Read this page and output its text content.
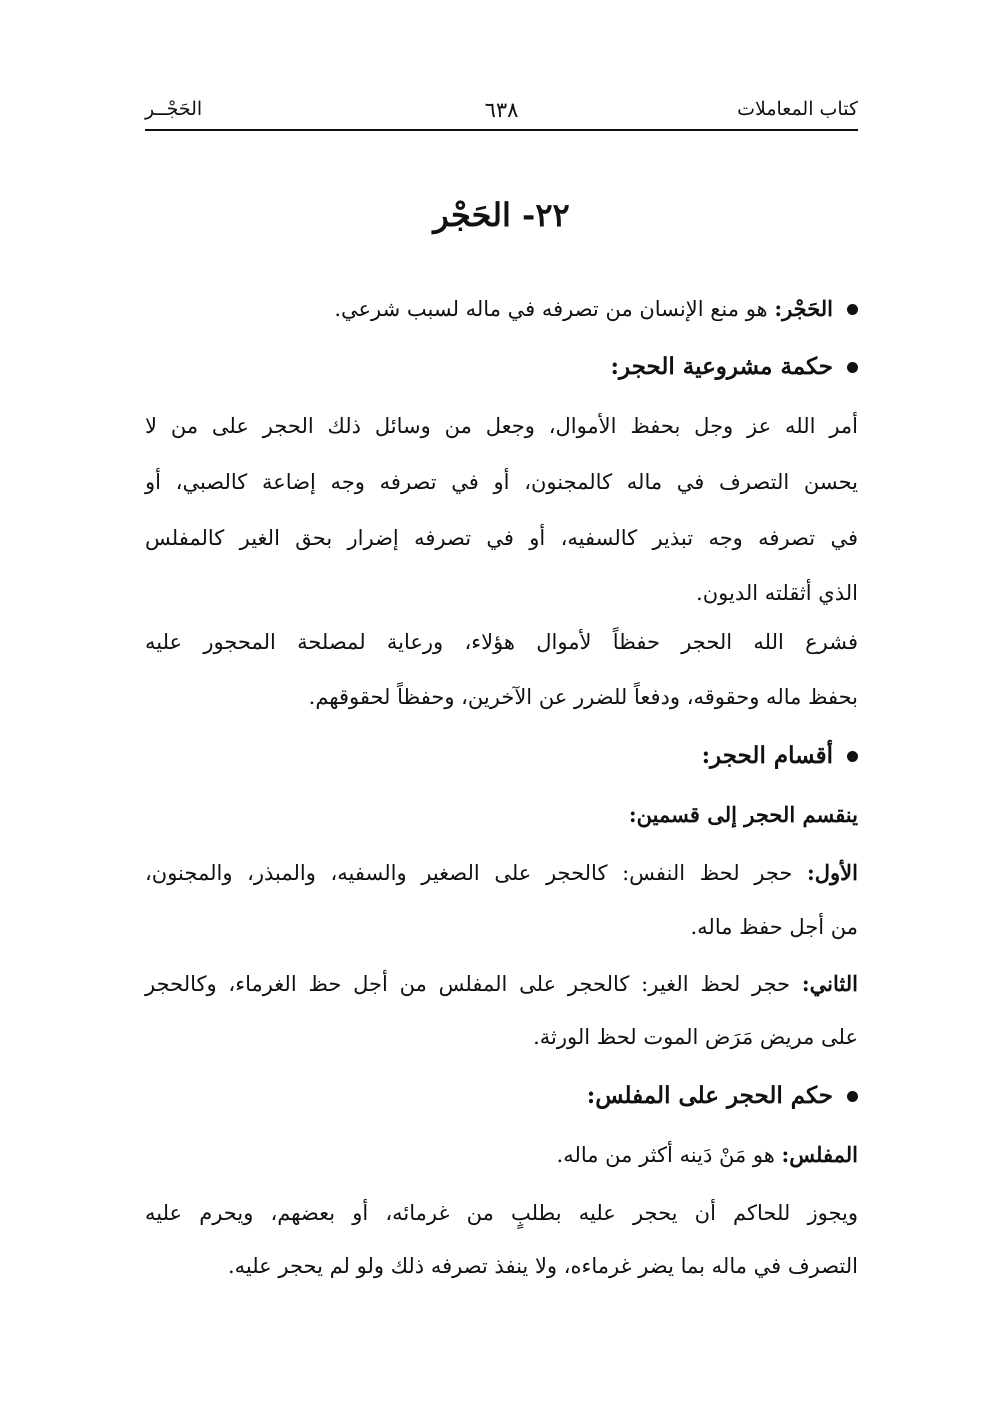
كتاب المعاملات
٦٣٨
الحَجْــر
٢٢- الحَجْر
الحَجْر: هو منع الإنسان من تصرفه في ماله لسبب شرعي.
حكمة مشروعية الحجر:
أمر الله عز وجل بحفظ الأموال، وجعل من وسائل ذلك الحجر على من لا
يحسن التصرف في ماله كالمجنون، أو في تصرفه وجه إضاعة كالصبي، أو
في تصرفه وجه تبذير كالسفيه، أو في تصرفه إضرار بحق الغير كالمفلس
الذي أثقلته الديون.
فشرع الله الحجر حفظاً لأموال هؤلاء، ورعاية لمصلحة المحجور عليه
بحفظ ماله وحقوقه، ودفعاً للضرر عن الآخرين، وحفظاً لحقوقهم.
أقسام الحجر:
ينقسم الحجر إلى قسمين:
الأول: حجر لحظ النفس: كالحجر على الصغير والسفيه، والمبذر، والمجنون،
من أجل حفظ ماله.
الثاني: حجر لحظ الغير: كالحجر على المفلس من أجل حظ الغرماء، وكالحجر
على مريض مَرَض الموت لحظ الورثة.
حكم الحجر على المفلس:
المفلس: هو مَنْ دَينه أكثر من ماله.
ويجوز للحاكم أن يحجر عليه بطلبٍ من غرمائه، أو بعضهم، ويحرم عليه
التصرف في ماله بما يضر غرماءه، ولا ينفذ تصرفه ذلك ولو لم يحجر عليه.
